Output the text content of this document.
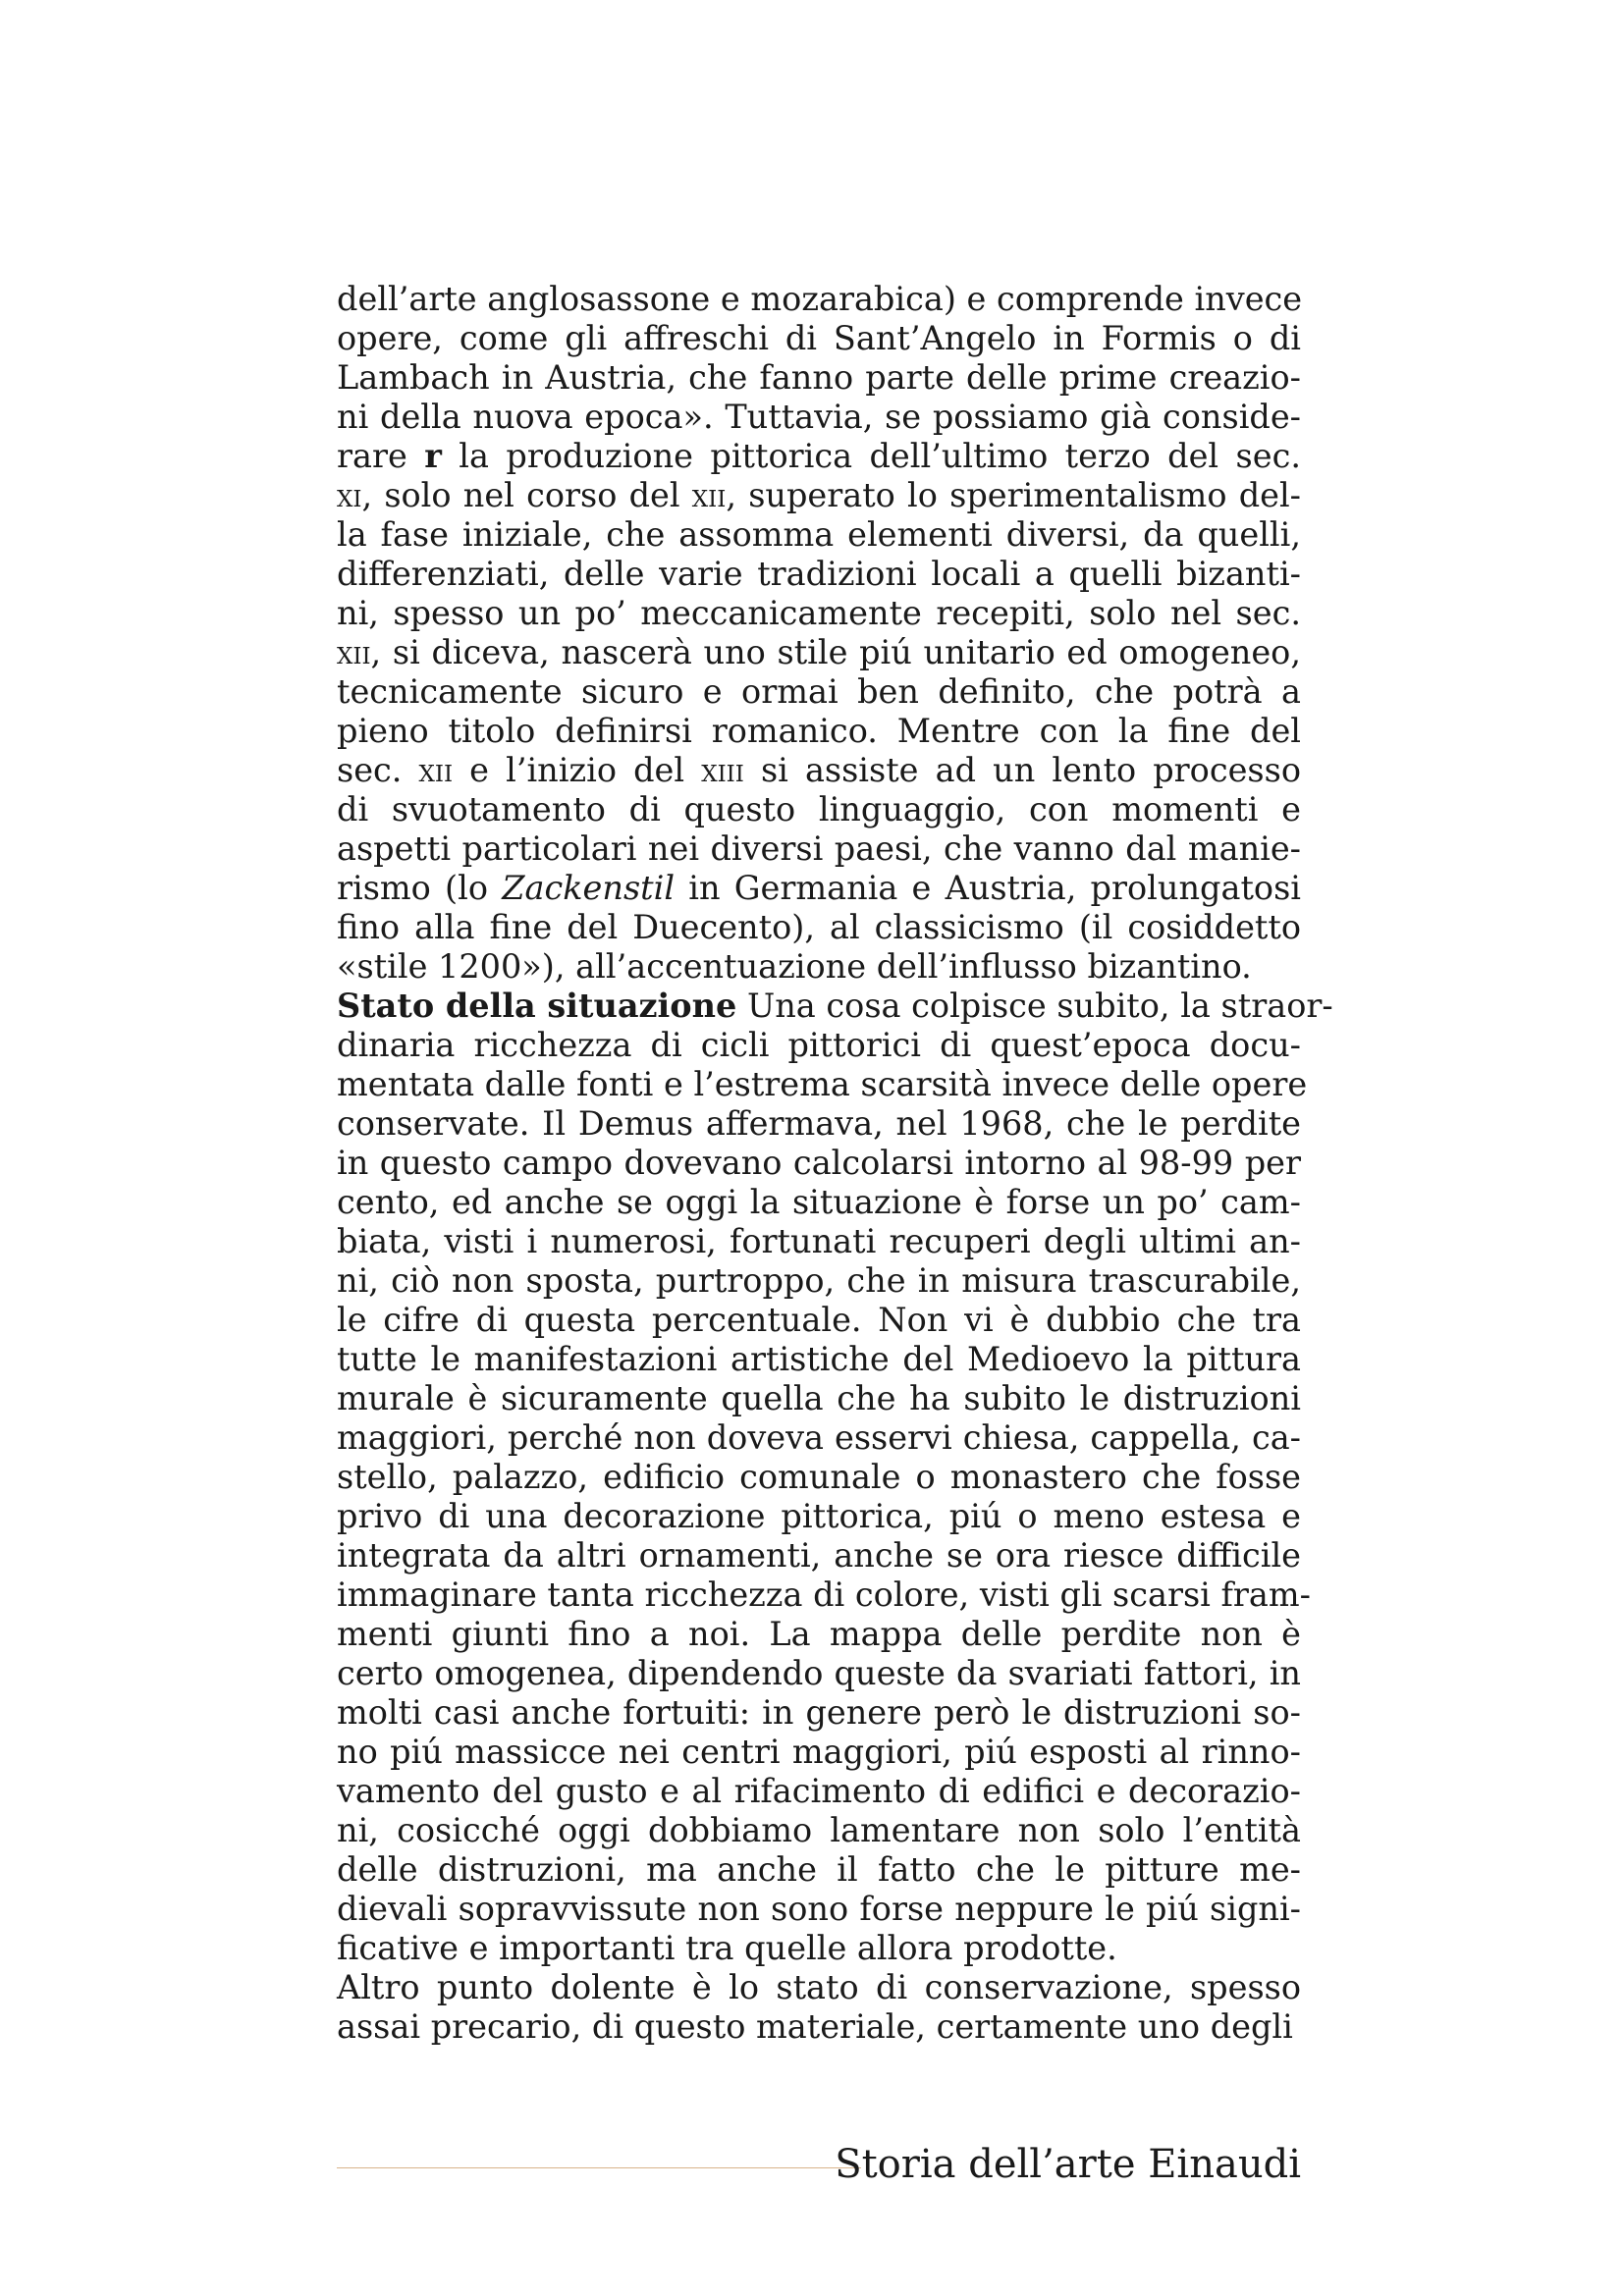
dell’arte anglosassone e mozarabica) e comprende invece
opere, come gli affreschi di Sant’Angelo in Formis o di
Lambach in Austria, che fanno parte delle prime creazio-
ni della nuova epoca». Tuttavia, se possiamo già conside-
rare r la produzione pittorica dell’ultimo terzo del sec.
xi, solo nel corso del xii, superato lo sperimentalismo del-
la fase iniziale, che assomma elementi diversi, da quelli,
differenziati, delle varie tradizioni locali a quelli bizanti-
ni, spesso un po’ meccanicamente recepiti, solo nel sec.
xii, si diceva, nascerà uno stile piú unitario ed omogeneo,
tecnicamente sicuro e ormai ben definito, che potrà a
pieno titolo definirsi romanico. Mentre con la fine del
sec. xii e l’inizio del xiii si assiste ad un lento processo
di svuotamento di questo linguaggio, con momenti e
aspetti particolari nei diversi paesi, che vanno dal manie-
rismo (lo Zackenstil in Germania e Austria, prolungatosi
fino alla fine del Duecento), al classicismo (il cosiddetto
«stile 1200»), all’accentuazione dell’influsso bizantino.
Stato della situazione Una cosa colpisce subito, la straor-
dinaria ricchezza di cicli pittorici di quest’epoca docu-
mentata dalle fonti e l’estrema scarsità invece delle opere
conservate. Il Demus affermava, nel 1968, che le perdite
in questo campo dovevano calcolarsi intorno al 98-99 per
cento, ed anche se oggi la situazione è forse un po’ cam-
biata, visti i numerosi, fortunati recuperi degli ultimi an-
ni, ciò non sposta, purtroppo, che in misura trascurabile,
le cifre di questa percentuale. Non vi è dubbio che tra
tutte le manifestazioni artistiche del Medioevo la pittura
murale è sicuramente quella che ha subito le distruzioni
maggiori, perché non doveva esservi chiesa, cappella, ca-
stello, palazzo, edificio comunale o monastero che fosse
privo di una decorazione pittorica, piú o meno estesa e
integrata da altri ornamenti, anche se ora riesce difficile
immaginare tanta ricchezza di colore, visti gli scarsi fram-
menti giunti fino a noi. La mappa delle perdite non è
certo omogenea, dipendendo queste da svariati fattori, in
molti casi anche fortuiti: in genere però le distruzioni so-
no piú massicce nei centri maggiori, piú esposti al rinno-
vamento del gusto e al rifacimento di edifici e decorazio-
ni, cosicché oggi dobbiamo lamentare non solo l’entità
delle distruzioni, ma anche il fatto che le pitture me-
dievali sopravvissute non sono forse neppure le piú signi-
ficative e importanti tra quelle allora prodotte.
Altro punto dolente è lo stato di conservazione, spesso
assai precario, di questo materiale, certamente uno degli
Storia dell’arte Einaudi
